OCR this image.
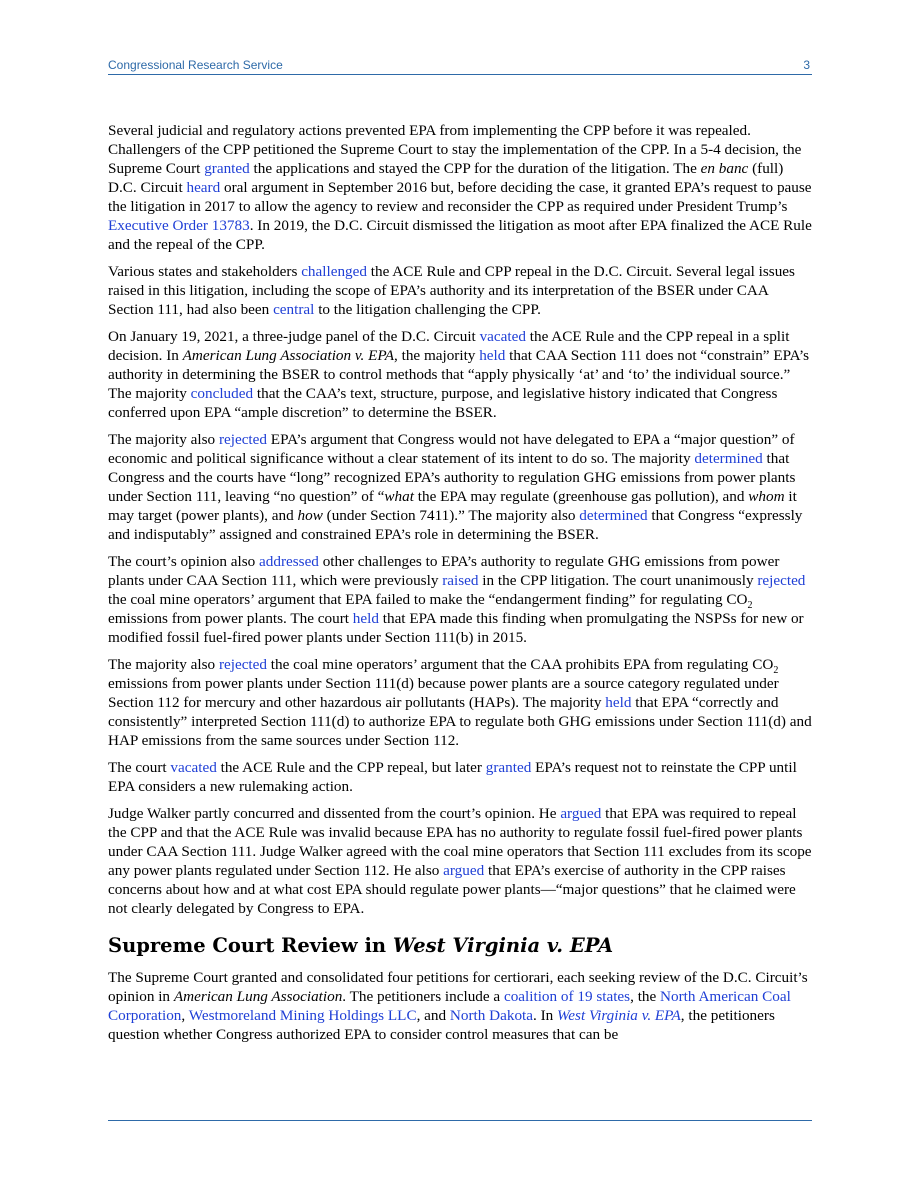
Congressional Research Service	3

Several judicial and regulatory actions prevented EPA from implementing the CPP before it was repealed. Challengers of the CPP petitioned the Supreme Court to stay the implementation of the CPP. In a 5-4 decision, the Supreme Court granted the applications and stayed the CPP for the duration of the litigation. The en banc (full) D.C. Circuit heard oral argument in September 2016 but, before deciding the case, it granted EPA’s request to pause the litigation in 2017 to allow the agency to review and reconsider the CPP as required under President Trump’s Executive Order 13783. In 2019, the D.C. Circuit dismissed the litigation as moot after EPA finalized the ACE Rule and the repeal of the CPP.

Various states and stakeholders challenged the ACE Rule and CPP repeal in the D.C. Circuit. Several legal issues raised in this litigation, including the scope of EPA’s authority and its interpretation of the BSER under CAA Section 111, had also been central to the litigation challenging the CPP.

On January 19, 2021, a three-judge panel of the D.C. Circuit vacated the ACE Rule and the CPP repeal in a split decision. In American Lung Association v. EPA, the majority held that CAA Section 111 does not “constrain” EPA’s authority in determining the BSER to control methods that “apply physically ‘at’ and ‘to’ the individual source.” The majority concluded that the CAA’s text, structure, purpose, and legislative history indicated that Congress conferred upon EPA “ample discretion” to determine the BSER.

The majority also rejected EPA’s argument that Congress would not have delegated to EPA a “major question” of economic and political significance without a clear statement of its intent to do so. The majority determined that Congress and the courts have “long” recognized EPA’s authority to regulation GHG emissions from power plants under Section 111, leaving “no question” of “what the EPA may regulate (greenhouse gas pollution), and whom it may target (power plants), and how (under Section 7411).” The majority also determined that Congress “expressly and indisputably” assigned and constrained EPA’s role in determining the BSER.

The court’s opinion also addressed other challenges to EPA’s authority to regulate GHG emissions from power plants under CAA Section 111, which were previously raised in the CPP litigation. The court unanimously rejected the coal mine operators’ argument that EPA failed to make the “endangerment finding” for regulating $CO_2$ emissions from power plants. The court held that EPA made this finding when promulgating the NSPSs for new or modified fossil fuel-fired power plants under Section 111(b) in 2015.

The majority also rejected the coal mine operators’ argument that the CAA prohibits EPA from regulating $CO_2$ emissions from power plants under Section 111(d) because power plants are a source category regulated under Section 112 for mercury and other hazardous air pollutants (HAPs). The majority held that EPA “correctly and consistently” interpreted Section 111(d) to authorize EPA to regulate both GHG emissions under Section 111(d) and HAP emissions from the same sources under Section 112.

The court vacated the ACE Rule and the CPP repeal, but later granted EPA’s request not to reinstate the CPP until EPA considers a new rulemaking action.

Judge Walker partly concurred and dissented from the court’s opinion. He argued that EPA was required to repeal the CPP and that the ACE Rule was invalid because EPA has no authority to regulate fossil fuel-fired power plants under CAA Section 111. Judge Walker agreed with the coal mine operators that Section 111 excludes from its scope any power plants regulated under Section 112. He also argued that EPA’s exercise of authority in the CPP raises concerns about how and at what cost EPA should regulate power plants—“major questions” that he claimed were not clearly delegated by Congress to EPA.

Supreme Court Review in West Virginia v. EPA

The Supreme Court granted and consolidated four petitions for certiorari, each seeking review of the D.C. Circuit’s opinion in American Lung Association. The petitioners include a coalition of 19 states, the North American Coal Corporation, Westmoreland Mining Holdings LLC, and North Dakota. In West Virginia v. EPA, the petitioners question whether Congress authorized EPA to consider control measures that can be
